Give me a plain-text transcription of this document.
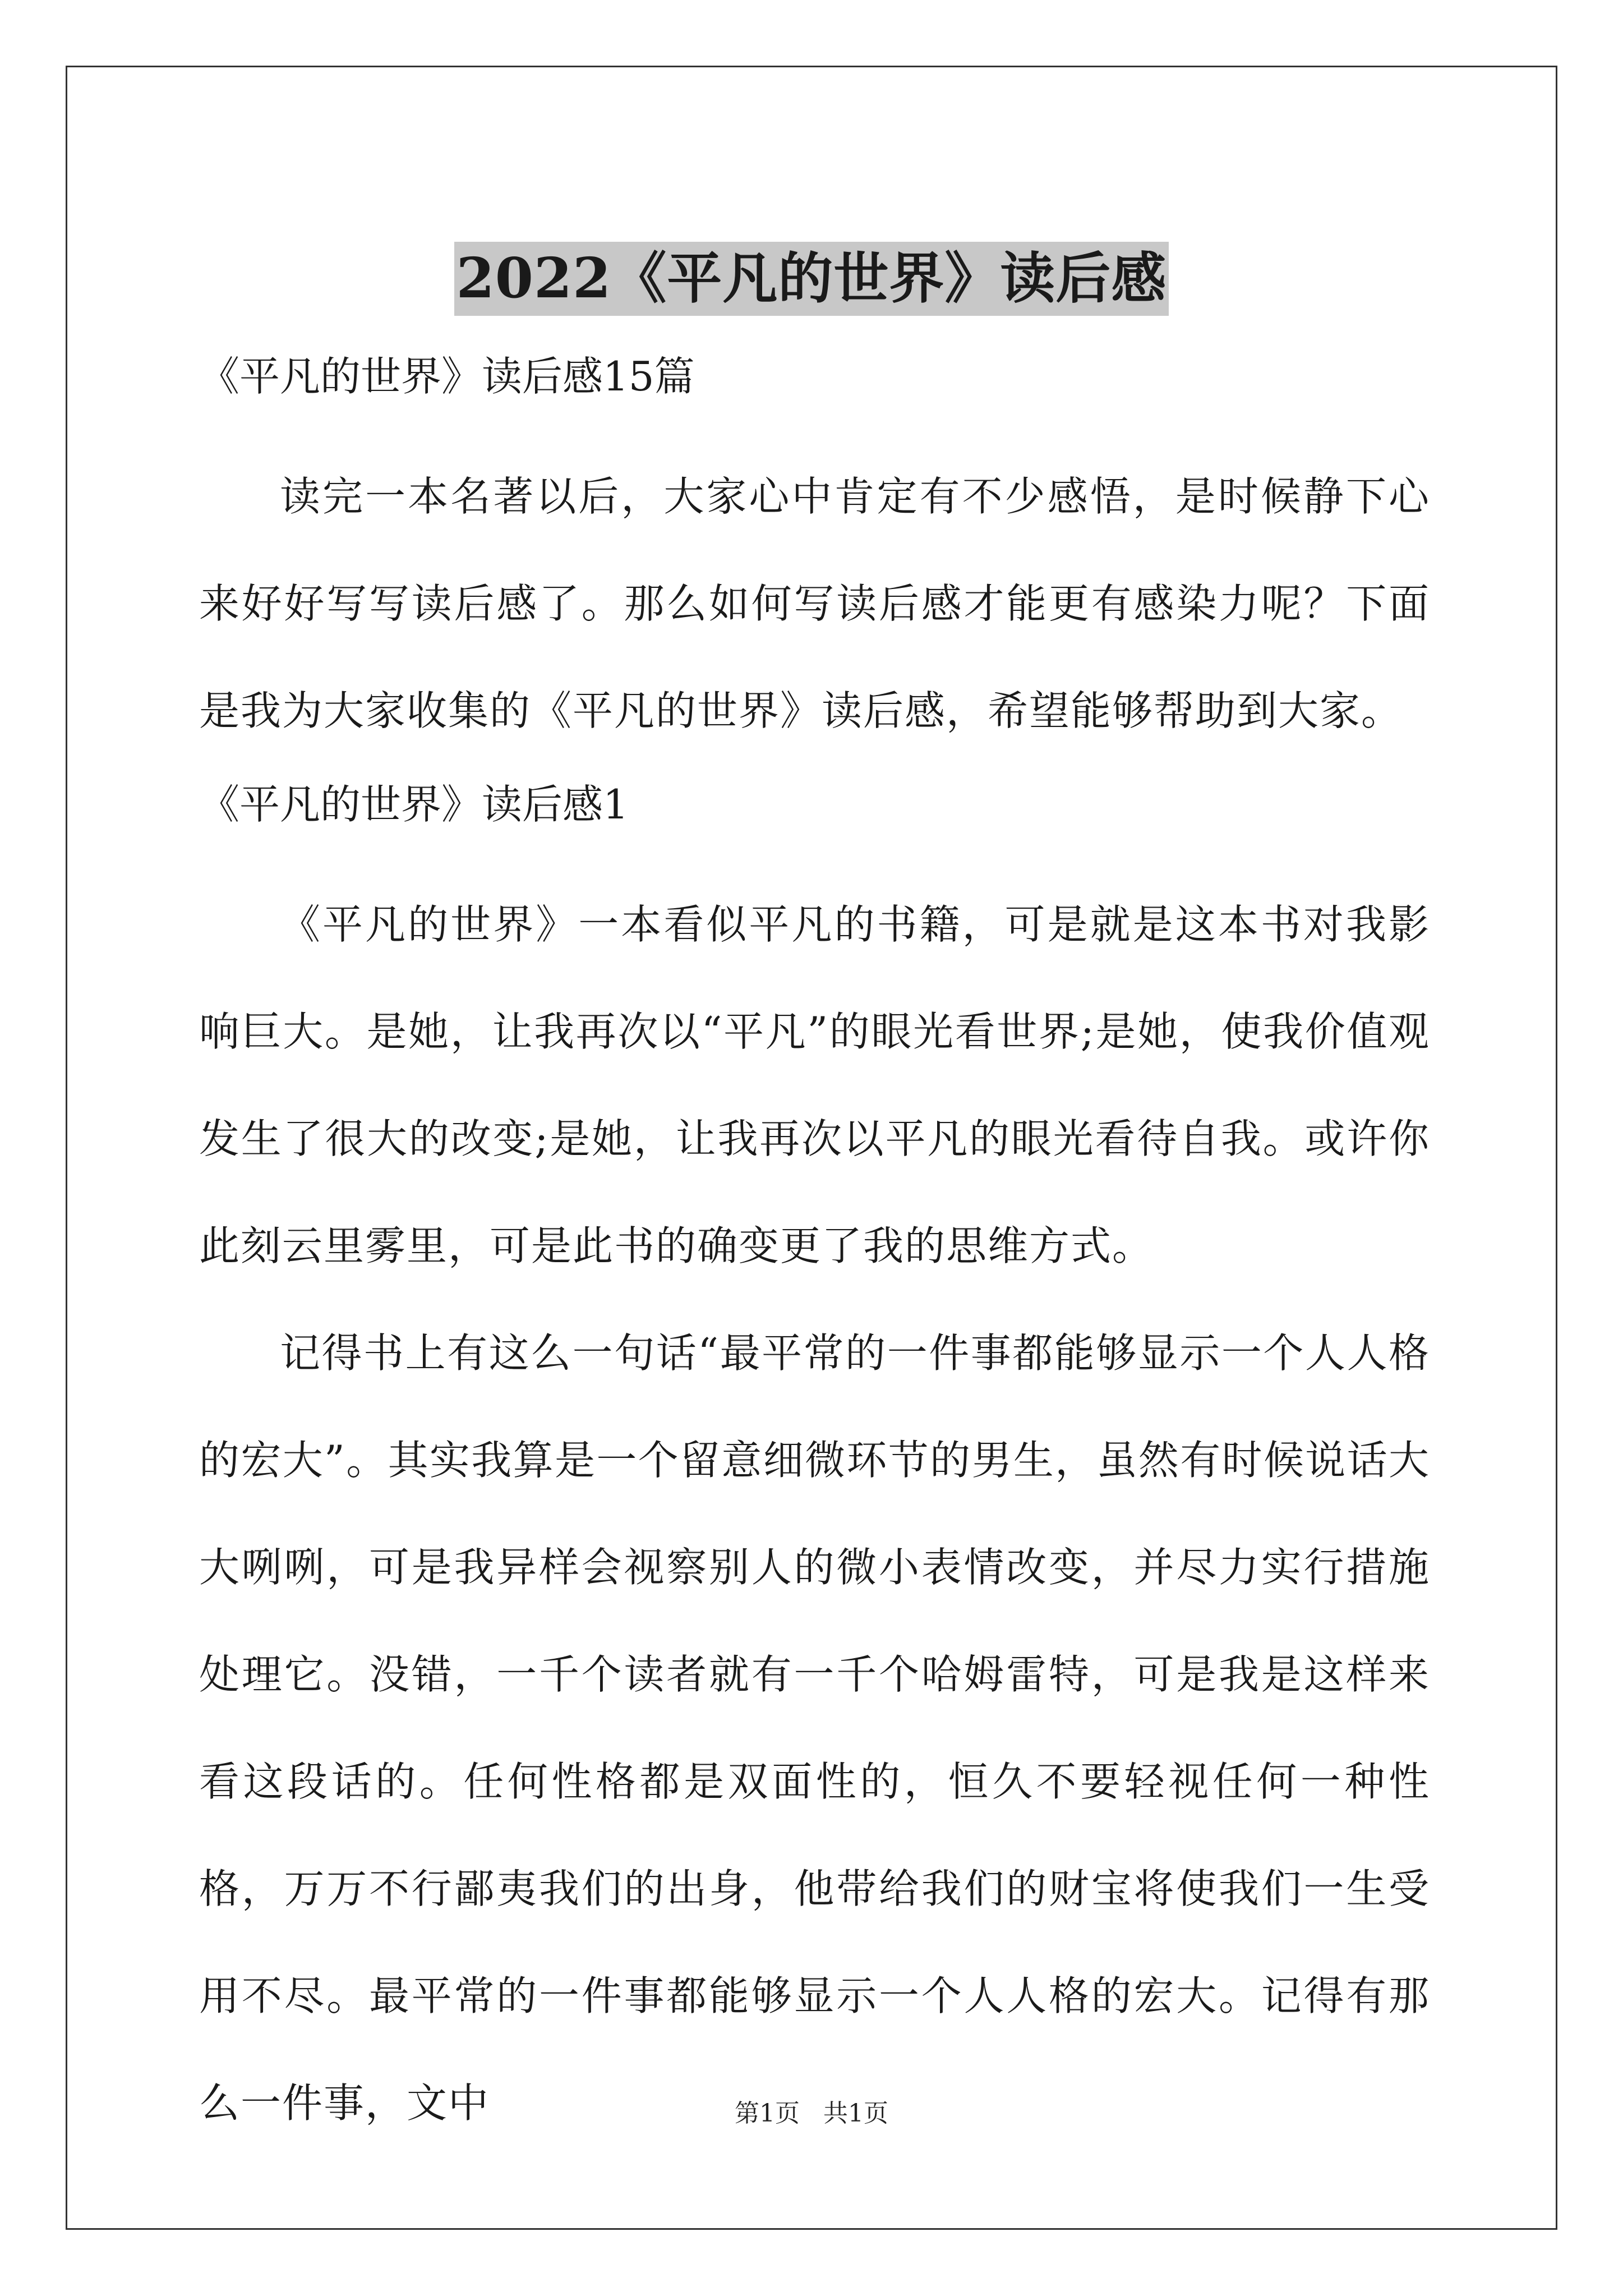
2022《平凡的世界》读后感

《平凡的世界》读后感15篇

读完一本名著以后，大家心中肯定有不少感悟，是时候静下心来好好写写读后感了。那么如何写读后感才能更有感染力呢？下面是我为大家收集的《平凡的世界》读后感，希望能够帮助到大家。

《平凡的世界》读后感1

《平凡的世界》一本看似平凡的书籍，可是就是这本书对我影响巨大。是她，让我再次以“平凡”的眼光看世界;是她，使我价值观发生了很大的改变;是她，让我再次以平凡的眼光看待自我。或许你此刻云里雾里，可是此书的确变更了我的思维方式。

记得书上有这么一句话“最平常的一件事都能够显示一个人人格的宏大”。其实我算是一个留意细微环节的男生，虽然有时候说话大大咧咧，可是我异样会视察别人的微小表情改变，并尽力实行措施处理它。没错，一千个读者就有一千个哈姆雷特，可是我是这样来看这段话的。任何性格都是双面性的，恒久不要轻视任何一种性格，万万不行鄙夷我们的出身，他带给我们的财宝将使我们一生受用不尽。最平常的一件事都能够显示一个人人格的宏大。记得有那么一件事，文中	第1页 共1页
